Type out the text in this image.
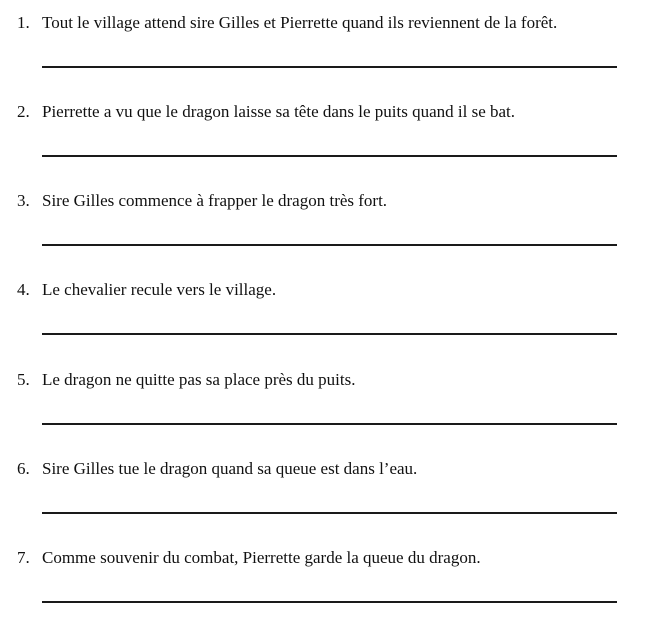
1. Tout le village attend sire Gilles et Pierrette quand ils reviennent de la forêt.
2. Pierrette a vu que le dragon laisse sa tête dans le puits quand il se bat.
3. Sire Gilles commence à frapper le dragon très fort.
4. Le chevalier recule vers le village.
5. Le dragon ne quitte pas sa place près du puits.
6. Sire Gilles tue le dragon quand sa queue est dans l’eau.
7. Comme souvenir du combat, Pierrette garde la queue du dragon.
